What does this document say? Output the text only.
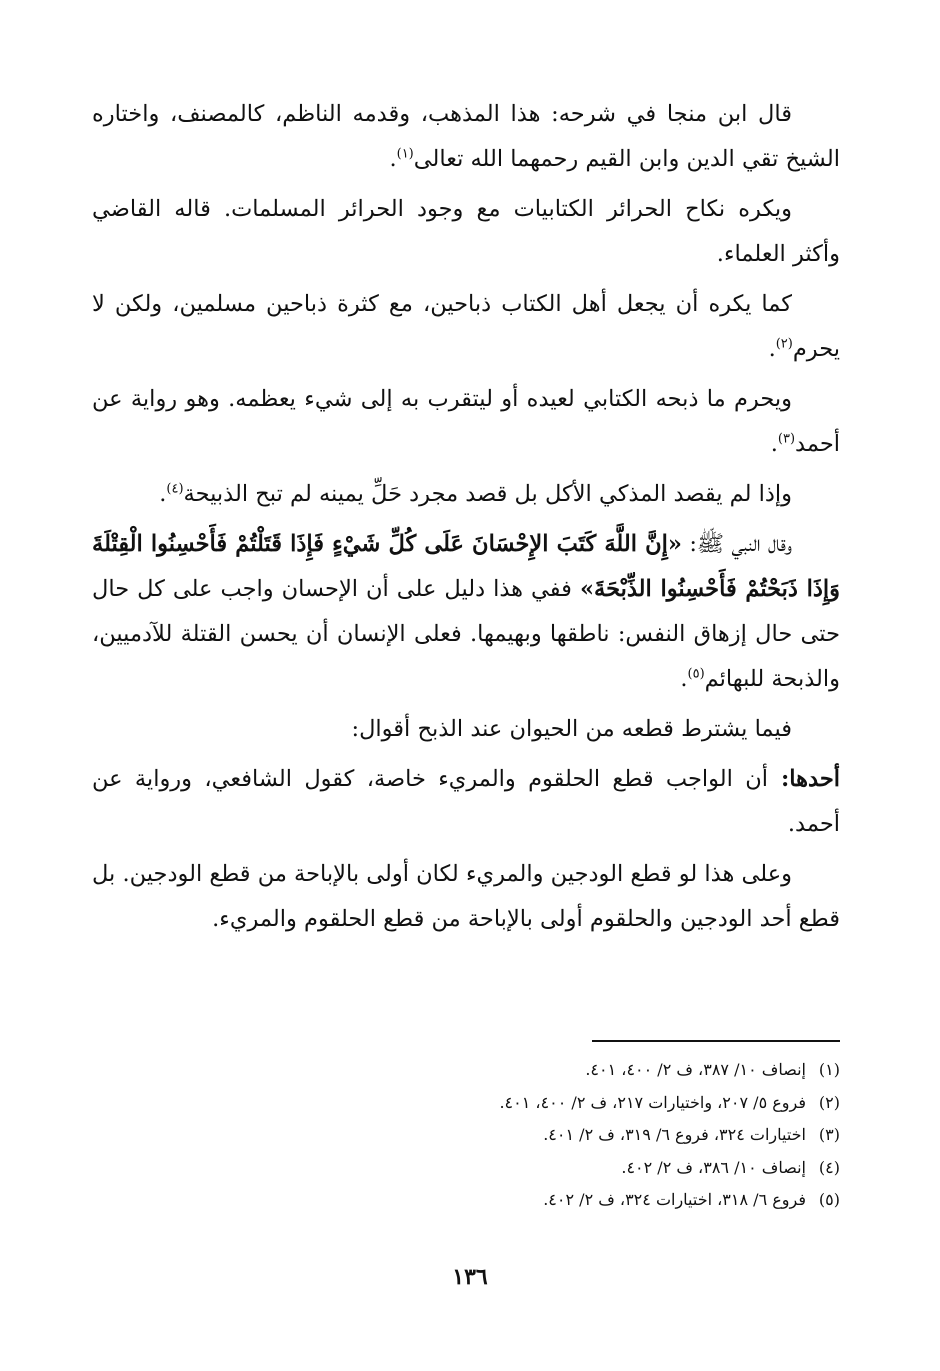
قال ابن منجا في شرحه: هذا المذهب، وقدمه الناظم، كالمصنف، واختاره الشيخ تقي الدين وابن القيم رحمهما الله تعالى$^{(١)}$.

ويكره نكاح الحرائر الكتابيات مع وجود الحرائر المسلمات. قاله القاضي وأكثر العلماء.

كما يكره أن يجعل أهل الكتاب ذباحين، مع كثرة ذباحين مسلمين، ولكن لا يحرم$^{(٢)}$.

ويحرم ما ذبحه الكتابي لعيده أو ليتقرب به إلى شيء يعظمه. وهو رواية عن أحمد$^{(٣)}$.

وإذا لم يقصد المذكي الأكل بل قصد مجرد حَلِّ يمينه لم تبح الذبيحة$^{(٤)}$.

وقال النبي ﷺ: «إِنَّ اللَّهَ كَتَبَ الإِحْسَانَ عَلَى كُلِّ شَيْءٍ فَإِذَا قَتَلْتُمْ فَأَحْسِنُوا الْقِتْلَةَ وَإِذَا ذَبَحْتُمْ فَأَحْسِنُوا الذِّبْحَةَ» ففي هذا دليل على أن الإحسان واجب على كل حال حتى حال إزهاق النفس: ناطقها وبهيمها. فعلى الإنسان أن يحسن القتلة للآدميين، والذبحة للبهائم$^{(٥)}$.

فيما يشترط قطعه من الحيوان عند الذبح أقوال:

أحدها: أن الواجب قطع الحلقوم والمريء خاصة، كقول الشافعي، ورواية عن أحمد.

وعلى هذا لو قطع الودجين والمريء لكان أولى بالإباحة من قطع الودجين. بل قطع أحد الودجين والحلقوم أولى بالإباحة من قطع الحلقوم والمريء.

(١)
إنصاف ١٠/ ٣٨٧، ف ٢/ ٤٠٠، ٤٠١.
(٢)
فروع ٥/ ٢٠٧، واختيارات ٢١٧، ف ٢/ ٤٠٠، ٤٠١.
(٣)
اختيارات ٣٢٤، فروع ٦/ ٣١٩، ف ٢/ ٤٠١.
(٤)
إنصاف ١٠/ ٣٨٦، ف ٢/ ٤٠٢.
(٥)
فروع ٦/ ٣١٨، اختيارات ٣٢٤، ف ٢/ ٤٠٢.
١٣٦
